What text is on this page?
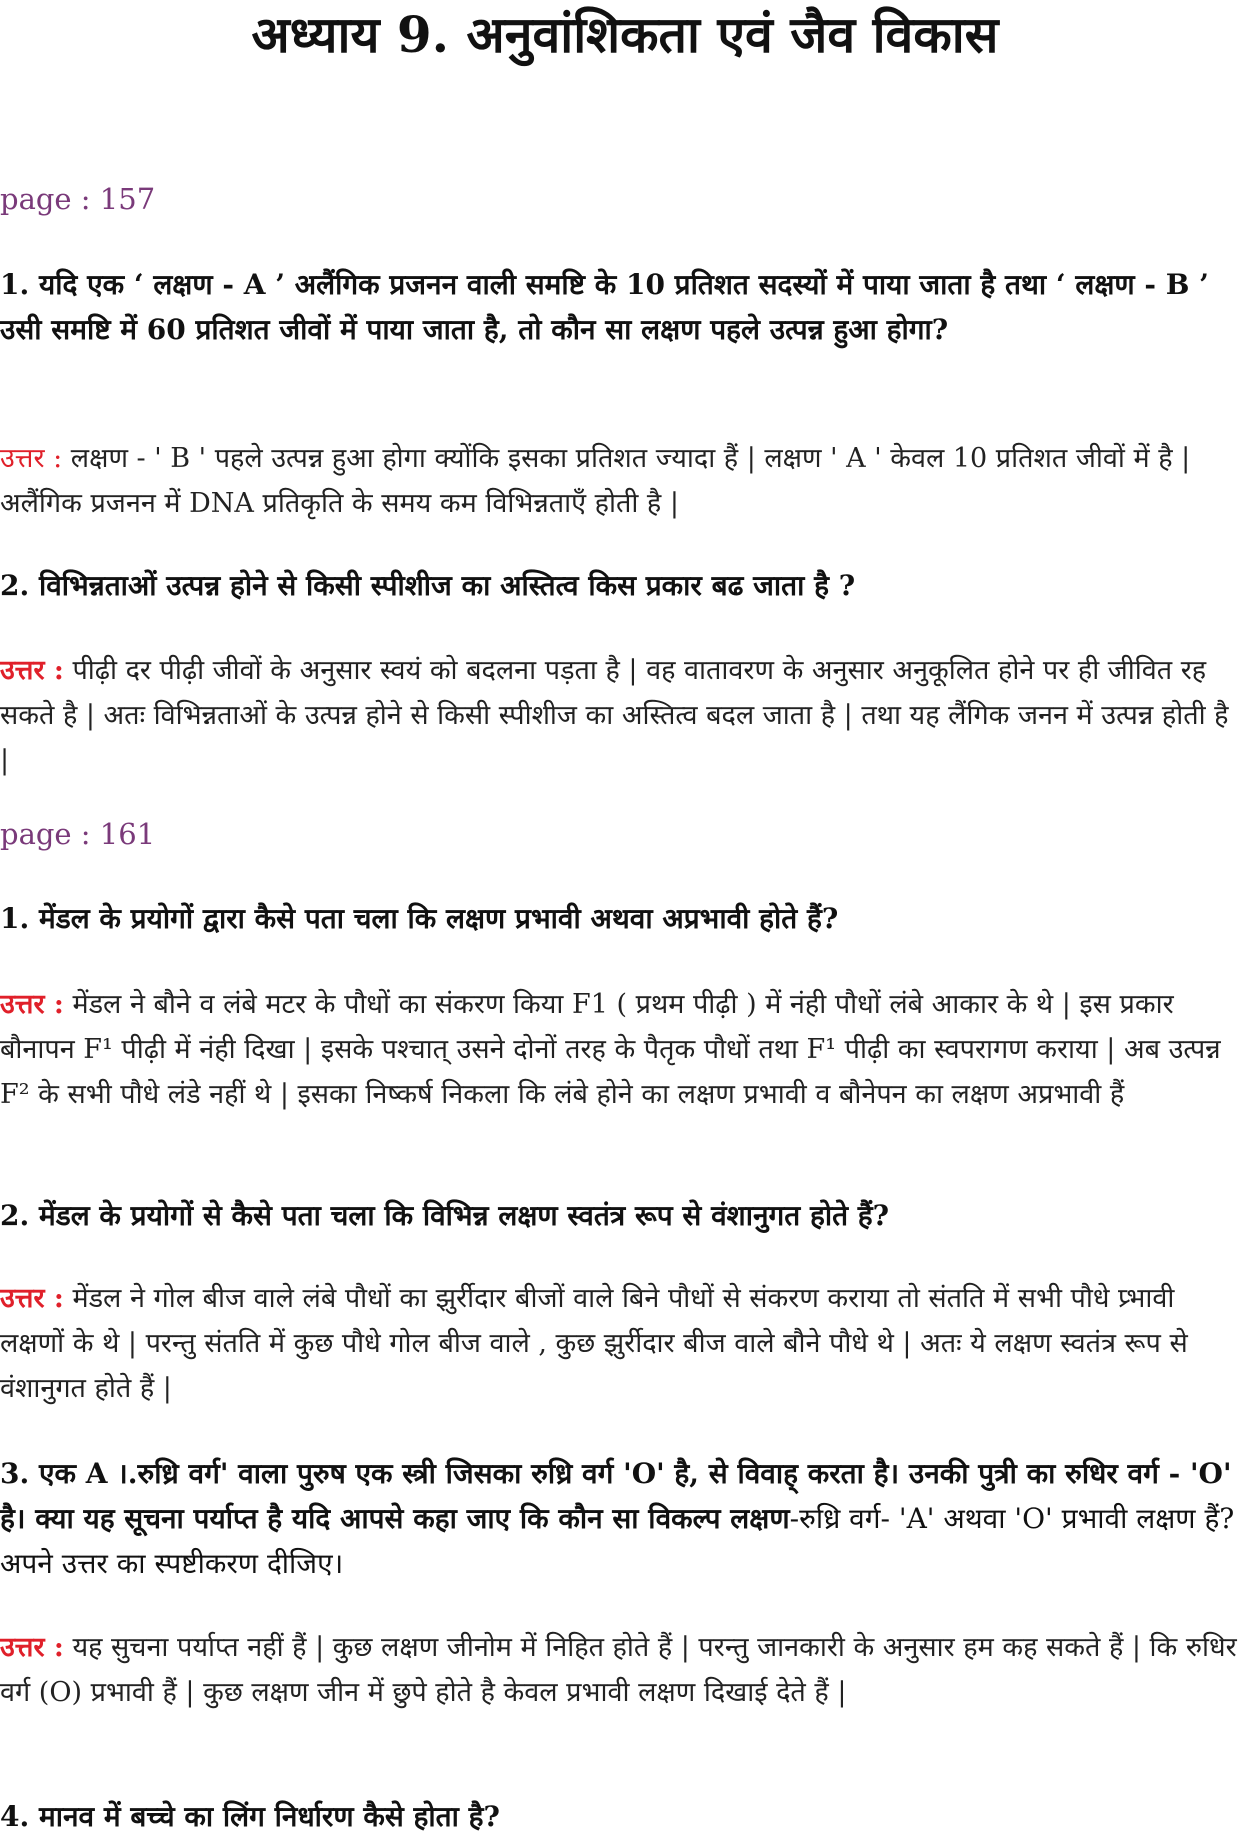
अध्याय 9. अनुवांशिकता एवं जैव विकास
page : 157
1. यदि एक ‘ लक्षण - A ’ अलैंगिक प्रजनन वाली समष्टि के 10 प्रतिशत सदस्यों में पाया जाता है तथा ‘ लक्षण - B ’ उसी समष्टि में 60 प्रतिशत जीवों में पाया जाता है, तो कौन सा लक्षण पहले उत्पन्न हुआ होगा?
उत्तर : लक्षण - ' B ' पहले उत्पन्न हुआ होगा क्योंकि इसका प्रतिशत ज्यादा हैं | लक्षण ' A ' केवल 10 प्रतिशत जीवों में है | अलैंगिक प्रजनन में DNA प्रतिकृति के समय कम विभिन्नताएँ होती है |
2. विभिन्नताओं उत्पन्न होने से किसी स्पीशीज का अस्तित्व किस प्रकार बढ जाता है ?
उत्तर : पीढ़ी दर पीढ़ी जीवों के अनुसार स्वयं को बदलना पड़ता है | वह वातावरण के अनुसार अनुकूलित होने पर ही जीवित रह सकते है | अतः विभिन्नताओं के उत्पन्न होने से किसी स्पीशीज का अस्तित्व बदल जाता है | तथा यह लैंगिक जनन में उत्पन्न होती है |
page : 161
1. मेंडल के प्रयोगों द्वारा कैसे पता चला कि लक्षण प्रभावी अथवा अप्रभावी होते हैं?
उत्तर : मेंडल ने बौने व लंबे मटर के पौधों का संकरण किया F1 ( प्रथम पीढ़ी ) में नंही पौधों लंबे आकार के थे | इस प्रकार बौनापन F¹ पीढ़ी में नंही दिखा | इसके पश्चात् उसने दोनों तरह के पैतृक पौधों तथा F¹ पीढ़ी का स्वपरागण कराया | अब उत्पन्न F² के सभी पौधे लंडे नहीं थे | इसका निष्कर्ष निकला कि लंबे होने का लक्षण प्रभावी व बौनेपन का लक्षण अप्रभावी हैं
2. मेंडल के प्रयोगों से कैसे पता चला कि विभिन्न लक्षण स्वतंत्र रूप से वंशानुगत होते हैं?
उत्तर : मेंडल ने गोल बीज वाले लंबे पौधों का झुर्रीदार बीजों वाले बिने पौधों से संकरण कराया तो संतति में सभी पौधे प्र्भावी लक्षणों के थे | परन्तु संतति में कुछ पौधे गोल बीज वाले , कुछ झुर्रीदार बीज वाले बौने पौधे थे | अतः ये लक्षण स्वतंत्र रूप से वंशानुगत होते हैं |
3. एक A ।.रुध्रि वर्ग' वाला पुरुष एक स्त्री जिसका रुध्रि वर्ग 'O' है, से विवाह् करता है। उनकी पुत्री का रुधिर वर्ग - 'O' है। क्या यह सूचना पर्याप्त है यदि आपसे कहा जाए कि कौन सा विकल्प लक्षण-रुध्रि वर्ग- 'A' अथवा 'O' प्रभावी लक्षण हैं? अपने उत्तर का स्पष्टीकरण दीजिए।
उत्तर : यह सुचना पर्याप्त नहीं हैं | कुछ लक्षण जीनोम में निहित होते हैं | परन्तु जानकारी के अनुसार हम कह सकते हैं | कि रुधिर वर्ग (O) प्रभावी हैं | कुछ लक्षण जीन में छुपे होते है केवल प्रभावी लक्षण दिखाई देते हैं |
4. मानव में बच्चे का लिंग निर्धारण कैसे होता है?
